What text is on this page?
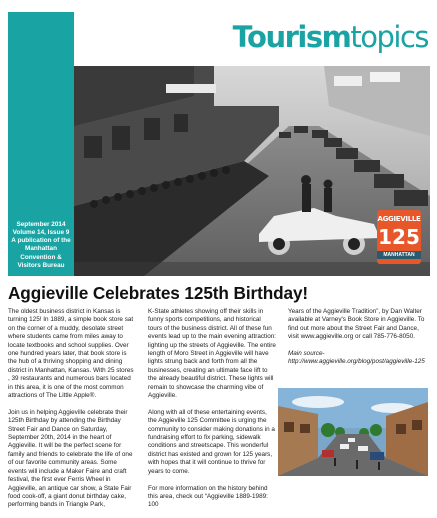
Tourismtopics
September 2014
Volume 14, Issue 9
A publication of the
Manhattan
Convention &
Visitors Bureau
AGGIEVILLE
125
MANHATTAN
Aggieville Celebrates 125th Birthday!

The oldest business district in Kansas is turning 125! In 1889, a simple book store sat on the corner of a muddy, desolate street where students came from miles away to locate textbooks and school supplies. Over one hundred years later, that book store is the hub of a thriving shopping and dining district in Manhattan, Kansas. With 25 stores , 39 restaurants and numerous bars located in this area, it is one of the most common attractions of The Little Apple®.

Join us in helping Aggieville celebrate their 125th Birthday by attending the Birthday Street Fair and Dance on Saturday, September 20th, 2014 in the heart of Aggieville. It will be the perfect scene for family and friends to celebrate the life of one of our favorite community areas. Some events will include a Maker Faire and craft festival, the first ever Ferris Wheel in Aggieville, an antique car show, a State Fair food cook-off, a giant donut birthday cake, performing bands in Triangle Park,

K-State athletes showing off their skills in funny sports competitions, and historical tours of the business district. All of these fun events lead up to the main evening attraction: lighting up the streets of Aggieville. The entire length of Moro Street in Aggieville will have lights strung back and forth from all the businesses, creating an ultimate face lift to the already beautiful district. These lights will remain to showcase the charming vibe of Aggieville.

Along with all of these entertaining events, the Aggieville 125 Committee is urging the community to consider making donations in a fundraising effort to fix parking, sidewalk conditions and streetscape. This wonderful district has existed and grown for 125 years, with hopes that it will continue to thrive for years to come.

For more information on the history behind this area, check out “Aggieville 1889-1989: 100

Years of the Aggieville Tradition”, by Dan Walter available at Varney's Book Store in Aggieville. To find out more about the Street Fair and Dance, visit www.aggieville.org or call 785-776-8050.

Main source- http://www.aggieville.org/blog/post/aggieville-125
